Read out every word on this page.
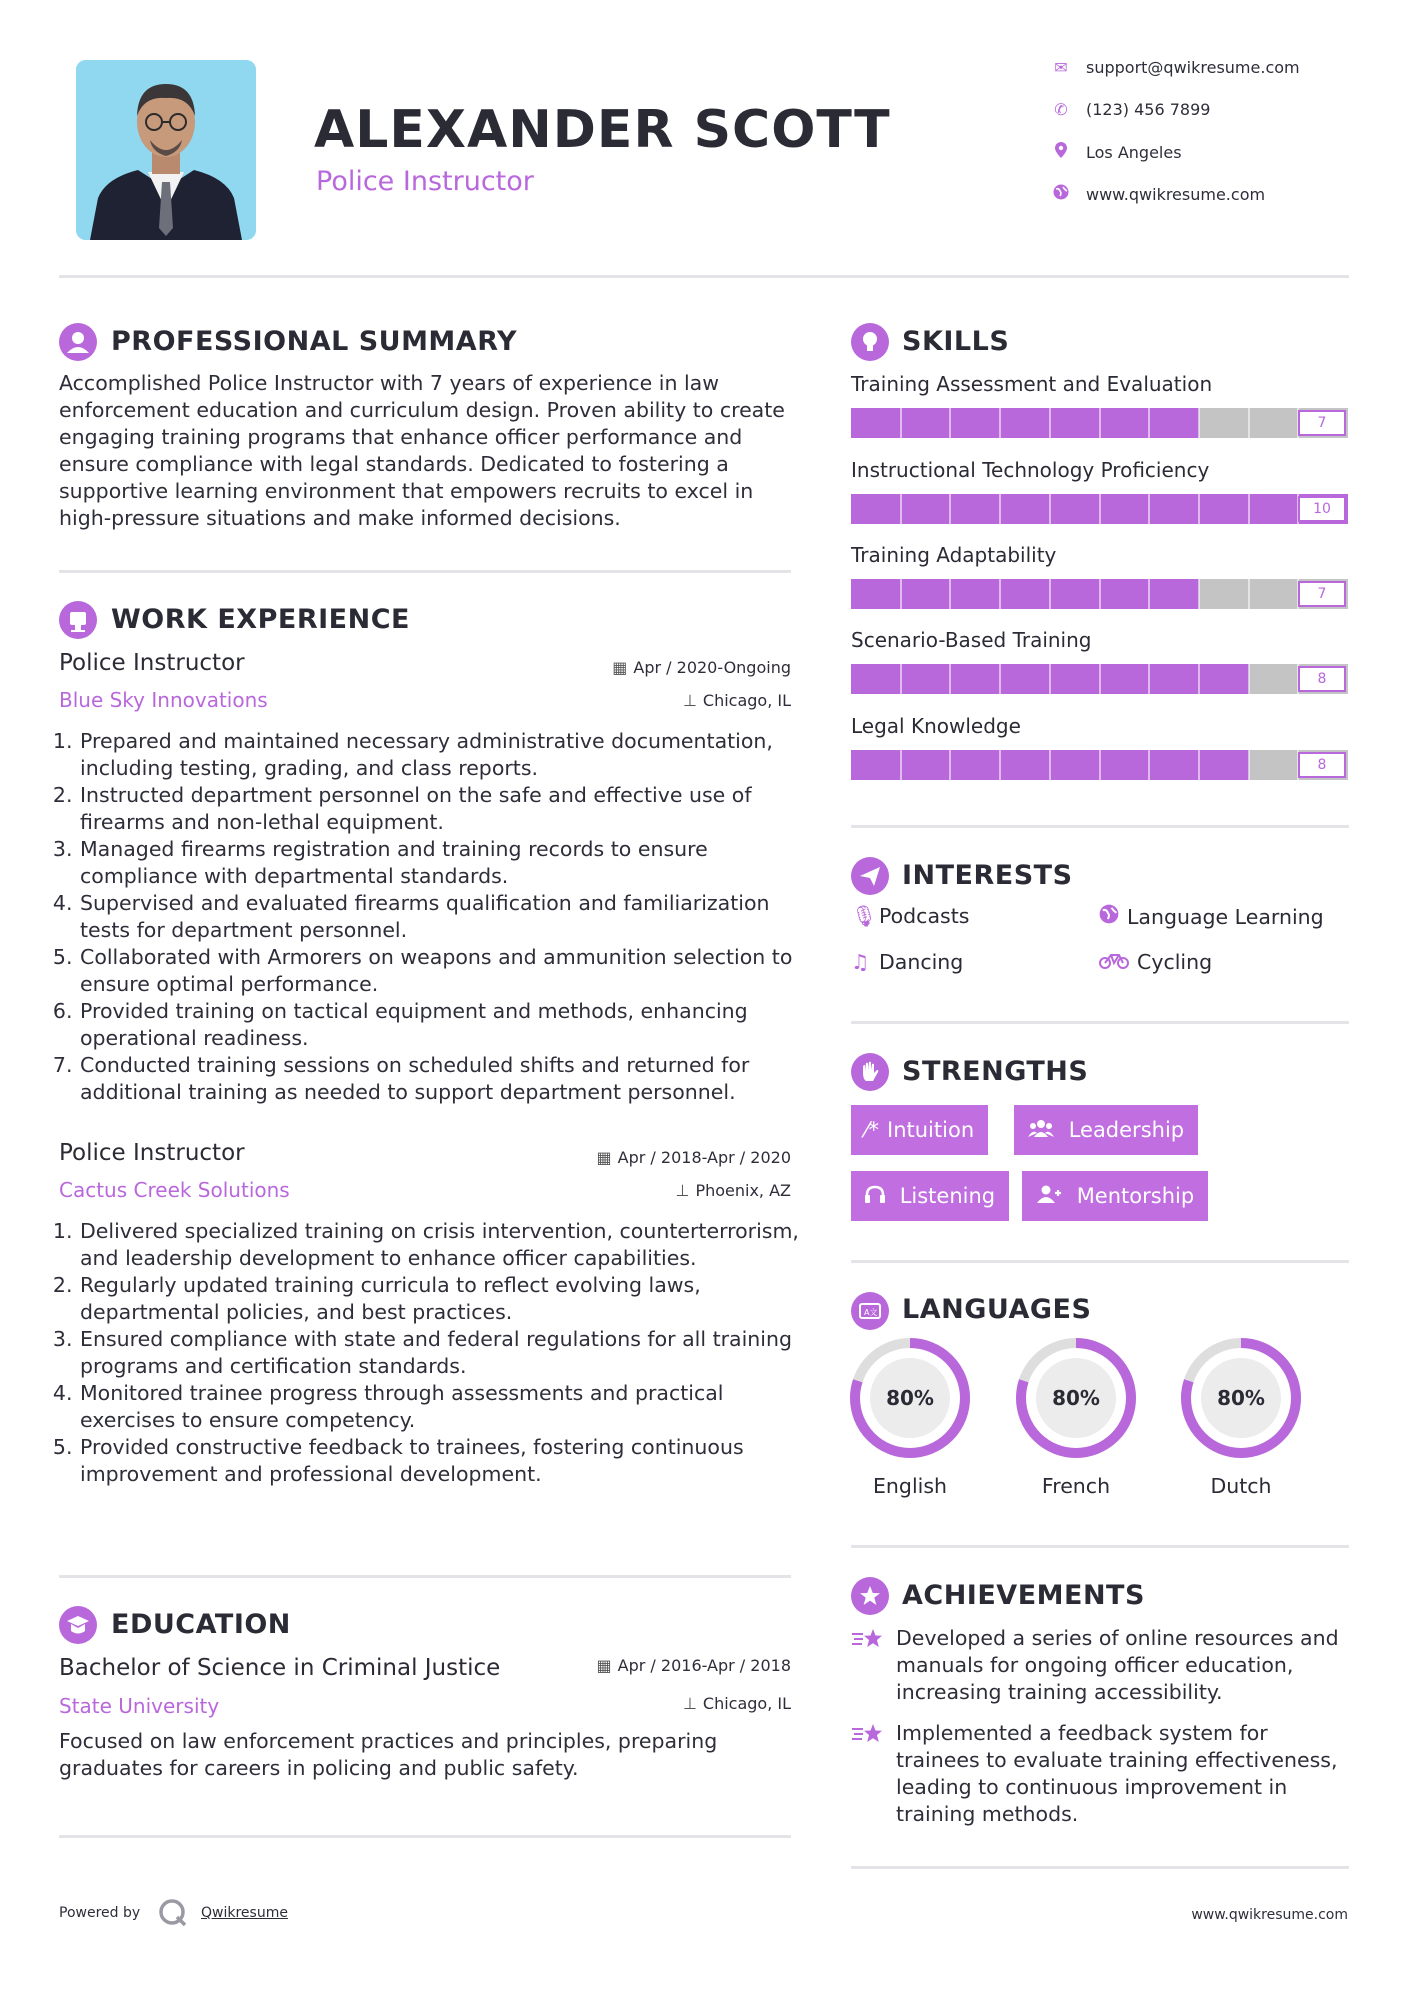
ALEXANDER SCOTT
Police Instructor
✉ support@qwikresume.com
✆ (123) 456 7899
Los Angeles
www.qwikresume.com
PROFESSIONAL SUMMARY
Accomplished Police Instructor with 7 years of experience in law enforcement education and curriculum design. Proven ability to create engaging training programs that enhance officer performance and ensure compliance with legal standards. Dedicated to fostering a supportive learning environment that empowers recruits to excel in high-pressure situations and make informed decisions.
WORK EXPERIENCE
Police Instructor	▦ Apr / 2020-Ongoing
Blue Sky Innovations	⊥ Chicago, IL
1. Prepared and maintained necessary administrative documentation, including testing, grading, and class reports.
2. Instructed department personnel on the safe and effective use of firearms and non-lethal equipment.
3. Managed firearms registration and training records to ensure compliance with departmental standards.
4. Supervised and evaluated firearms qualification and familiarization tests for department personnel.
5. Collaborated with Armorers on weapons and ammunition selection to ensure optimal performance.
6. Provided training on tactical equipment and methods, enhancing operational readiness.
7. Conducted training sessions on scheduled shifts and returned for additional training as needed to support department personnel.
Police Instructor	▦ Apr / 2018-Apr / 2020
Cactus Creek Solutions	⊥ Phoenix, AZ
1. Delivered specialized training on crisis intervention, counterterrorism, and leadership development to enhance officer capabilities.
2. Regularly updated training curricula to reflect evolving laws, departmental policies, and best practices.
3. Ensured compliance with state and federal regulations for all training programs and certification standards.
4. Monitored trainee progress through assessments and practical exercises to ensure competency.
5. Provided constructive feedback to trainees, fostering continuous improvement and professional development.
EDUCATION
Bachelor of Science in Criminal Justice	▦ Apr / 2016-Apr / 2018
State University	⊥ Chicago, IL
Focused on law enforcement practices and principles, preparing graduates for careers in policing and public safety.
SKILLS
Training Assessment and Evaluation
7
Instructional Technology Proficiency
10
Training Adaptability
7
Scenario-Based Training
8
Legal Knowledge
8
INTERESTS
🎙︎Podcasts	Language Learning
♫ Dancing	Cycling
STRENGTHS
⁄* Intuition	Leadership
Listening	Mentorship
A文 LANGUAGES
80%
English
80%
French
80%
Dutch
ACHIEVEMENTS
Developed a series of online resources and manuals for ongoing officer education, increasing training accessibility.
Implemented a feedback system for trainees to evaluate training effectiveness, leading to continuous improvement in training methods.
Powered by	Qwikresume	www.qwikresume.com
